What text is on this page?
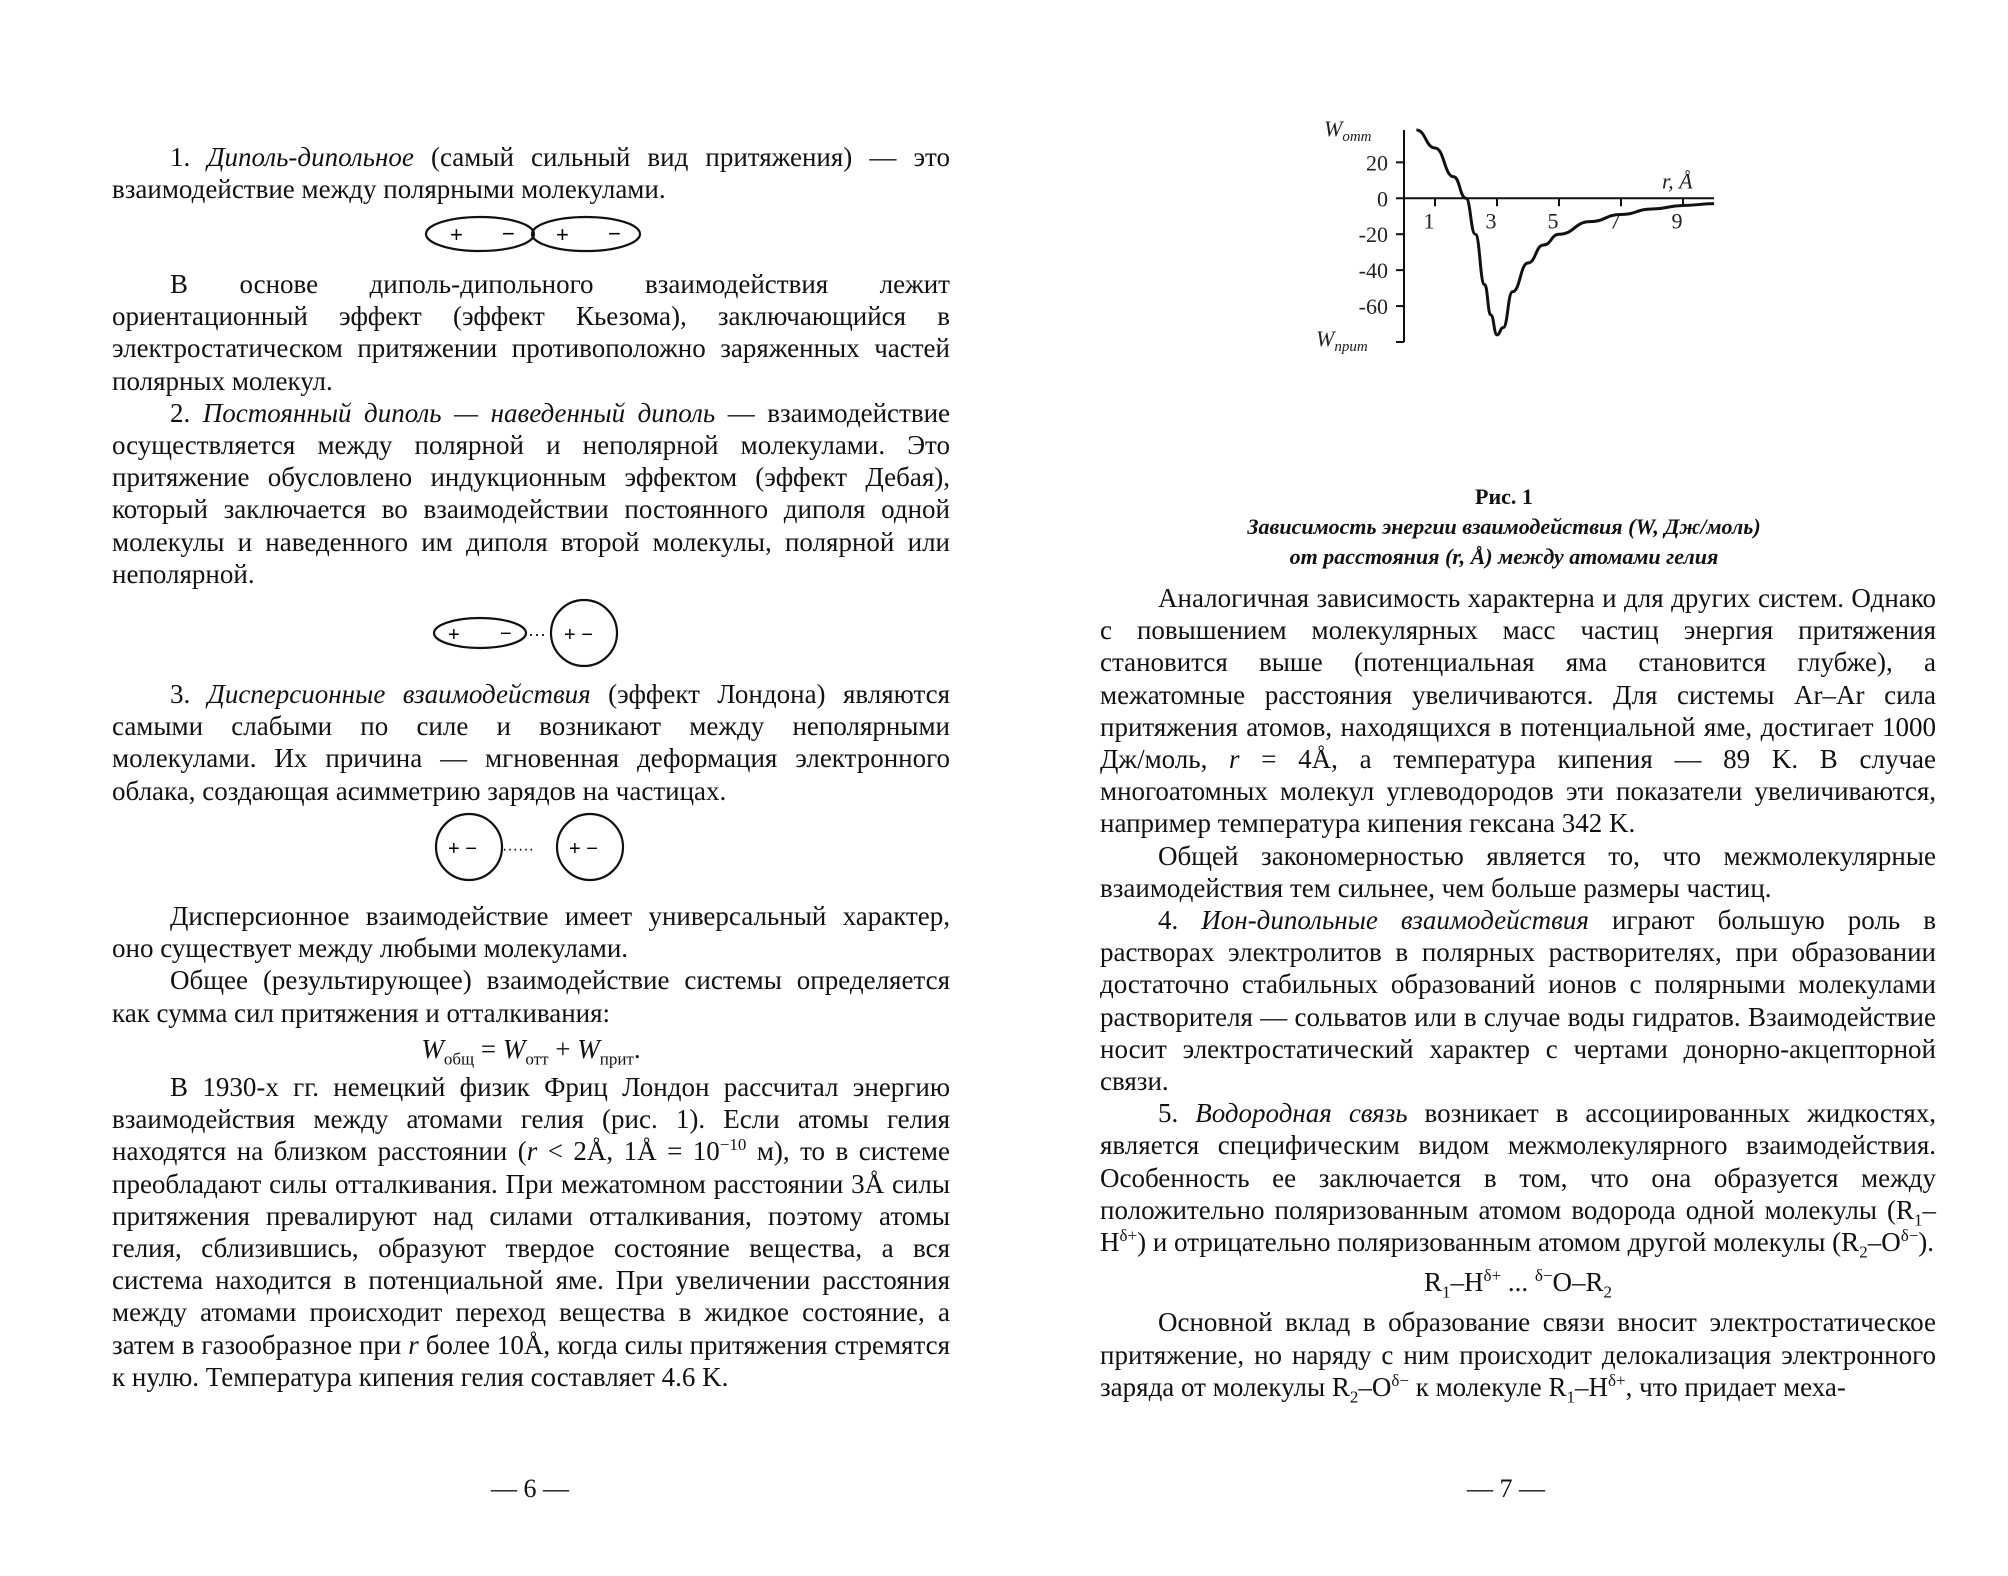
1. Диполь-дипольное (самый сильный вид притяжения) — это взаимодействие между полярными молекулами.

+ − + −

В основе диполь-дипольного взаимодействия лежит ориентационный эффект (эффект Кьезома), заключающийся в электростатическом притяжении противоположно заряженных частей полярных молекул.

2. Постоянный диполь — наведенный диполь — взаимодействие осуществляется между полярной и неполярной молекулами. Это притяжение обусловлено индукционным эффектом (эффект Дебая), который заключается во взаимодействии постоянного диполя одной молекулы и наведенного им диполя второй молекулы, полярной или неполярной.

+ − ··· + −

3. Дисперсионные взаимодействия (эффект Лондона) являются самыми слабыми по силе и возникают между неполярными молекулами. Их причина — мгновенная деформация электронного облака, создающая асимметрию зарядов на частицах.

+ − ······ + −

Дисперсионное взаимодействие имеет универсальный характер, оно существует между любыми молекулами.

Общее (результирующее) взаимодействие системы определяется как сумма сил притяжения и отталкивания:

$W_{общ} = W_{отт} + W_{прит}$.

В 1930-х гг. немецкий физик Фриц Лондон рассчитал энергию взаимодействия между атомами гелия (рис. 1). Если атомы гелия находятся на близком расстоянии (r < 2Å, 1Å = $10^{-10}$ м), то в системе преобладают силы отталкивания. При межатомном расстоянии 3Å силы притяжения превалируют над силами отталкивания, поэтому атомы гелия, сблизившись, образуют твердое состояние вещества, а вся система находится в потенциальной яме. При увеличении расстояния между атомами происходит переход вещества в жидкое состояние, а затем в газообразное при r более 10Å, когда силы притяжения стремятся к нулю. Температура кипения гелия составляет 4.6 K.

— 6 —
20
0
-20
-40
-60
1 3 5 7 9
$W_{отт}$
$W_{прит}$
r, Å
Рис. 1
Зависимость энергии взаимодействия (W, Дж/моль)
от расстояния (r, Å) между атомами гелия

Аналогичная зависимость характерна и для других систем. Однако с повышением молекулярных масс частиц энергия притяжения становится выше (потенциальная яма становится глубже), а межатомные расстояния увеличиваются. Для системы Ar–Ar сила притяжения атомов, находящихся в потенциальной яме, достигает 1000 Дж/моль, r = 4Å, а температура кипения — 89 K. В случае многоатомных молекул углеводородов эти показатели увеличиваются, например температура кипения гексана 342 K.

Общей закономерностью является то, что межмолекулярные взаимодействия тем сильнее, чем больше размеры частиц.

4. Ион-дипольные взаимодействия играют большую роль в растворах электролитов в полярных растворителях, при образовании достаточно стабильных образований ионов с полярными молекулами растворителя — сольватов или в случае воды гидратов. Взаимодействие носит электростатический характер с чертами донорно-акцепторной связи.

5. Водородная связь возникает в ассоциированных жидкостях, является специфическим видом межмолекулярного взаимодействия. Особенность ее заключается в том, что она образуется между положительно поляризованным атомом водорода одной молекулы $(R_1-H^{\delta+})$ и отрицательно поляризованным атомом другой молекулы $(R_2-O^{\delta-})$.

$R_1-H^{\delta+}$ ... $^{\delta-}O-R_2$

Основной вклад в образование связи вносит электростатическое притяжение, но наряду с ним происходит делокализация электронного заряда от молекулы $R_2-O^{\delta-}$ к молекуле $R_1-H^{\delta+}$, что придает меха-

— 7 —
